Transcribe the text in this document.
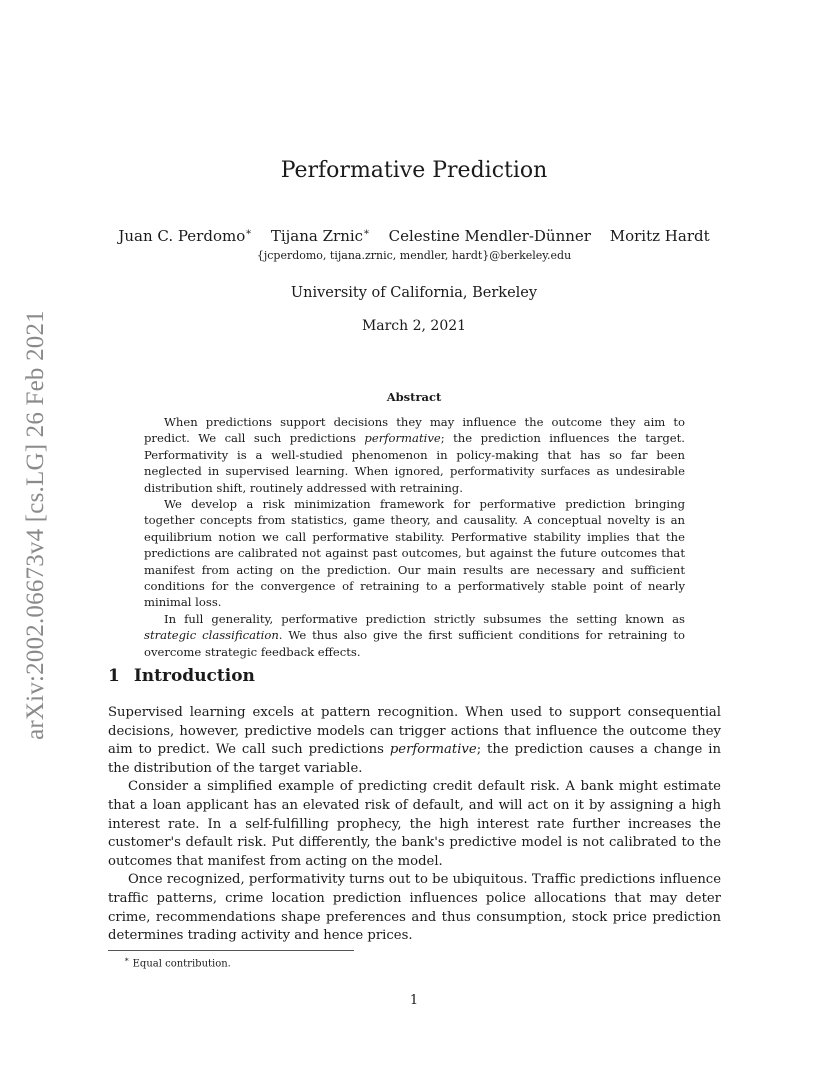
arXiv:2002.06673v4 [cs.LG] 26 Feb 2021
Performative Prediction
Juan C. Perdomo∗ Tijana Zrnic∗ Celestine Mendler-Dünner Moritz Hardt
{jcperdomo, tijana.zrnic, mendler, hardt}@berkeley.edu
University of California, Berkeley
March 2, 2021
Abstract

When predictions support decisions they may influence the outcome they aim to predict. We call such predictions performative; the prediction influences the target. Performativity is a well-studied phenomenon in policy-making that has so far been neglected in supervised learning. When ignored, performativity surfaces as undesirable distribution shift, routinely addressed with retraining.

We develop a risk minimization framework for performative prediction bringing together concepts from statistics, game theory, and causality. A conceptual novelty is an equilibrium notion we call performative stability. Performative stability implies that the predictions are calibrated not against past outcomes, but against the future outcomes that manifest from acting on the prediction. Our main results are necessary and sufficient conditions for the convergence of retraining to a performatively stable point of nearly minimal loss.

In full generality, performative prediction strictly subsumes the setting known as strategic classification. We thus also give the first sufficient conditions for retraining to overcome strategic feedback effects.

1 Introduction

Supervised learning excels at pattern recognition. When used to support consequential decisions, however, predictive models can trigger actions that influence the outcome they aim to predict. We call such predictions performative; the prediction causes a change in the distribution of the target variable.

Consider a simplified example of predicting credit default risk. A bank might estimate that a loan applicant has an elevated risk of default, and will act on it by assigning a high interest rate. In a self-fulfilling prophecy, the high interest rate further increases the customer's default risk. Put differently, the bank's predictive model is not calibrated to the outcomes that manifest from acting on the model.

Once recognized, performativity turns out to be ubiquitous. Traffic predictions influence traffic patterns, crime location prediction influences police allocations that may deter crime, recommendations shape preferences and thus consumption, stock price prediction determines trading activity and hence prices.

∗ Equal contribution.
1
